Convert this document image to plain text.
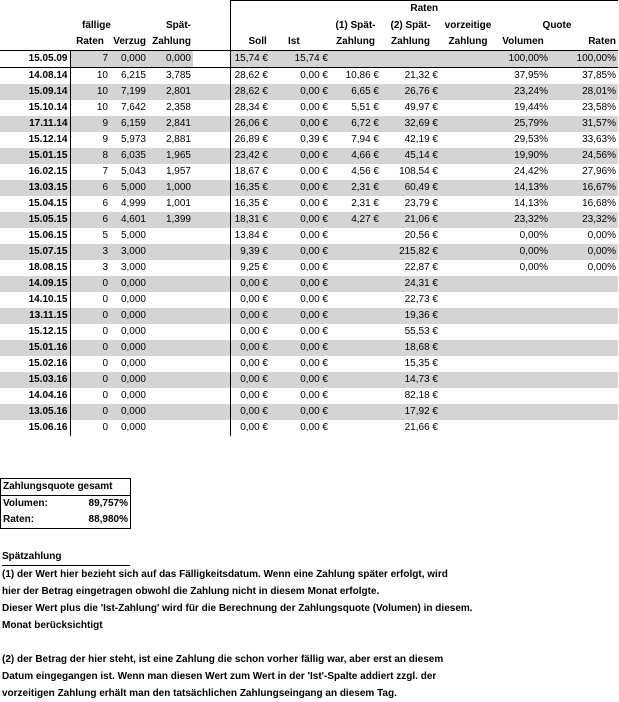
					Raten						
	fällige		Spät-				(1) Spät-	(2) Spät-	vorzeitige	Quote	
	Raten	Verzug	Zahlung		Soll	Ist	Zahlung	Zahlung	Zahlung	Volumen	Raten
15.05.09	7	0,000	0,000		15,74 €	15,74 €				100,00%	100,00%
14.08.14	10	6,215	3,785		28,62 €	0,00 €	10,86 €	21,32 €		37,95%	37,85%
15.09.14	10	7,199	2,801		28,62 €	0,00 €	6,65 €	26,76 €		23,24%	28,01%
15.10.14	10	7,642	2,358		28,34 €	0,00 €	5,51 €	49,97 €		19,44%	23,58%
17.11.14	9	6,159	2,841		26,06 €	0,00 €	6,72 €	32,69 €		25,79%	31,57%
15.12.14	9	5,973	2,881		26,89 €	0,39 €	7,94 €	42,19 €		29,53%	33,63%
15.01.15	8	6,035	1,965		23,42 €	0,00 €	4,66 €	45,14 €		19,90%	24,56%
16.02.15	7	5,043	1,957		18,67 €	0,00 €	4,56 €	108,54 €		24,42%	27,96%
13.03.15	6	5,000	1,000		16,35 €	0,00 €	2,31 €	60,49 €		14,13%	16,67%
15.04.15	6	4,999	1,001		16,35 €	0,00 €	2,31 €	23,79 €		14,13%	16,68%
15.05.15	6	4,601	1,399		18,31 €	0,00 €	4,27 €	21,06 €		23,32%	23,32%
15.06.15	5	5,000			13,84 €	0,00 €		20,56 €		0,00%	0,00%
15.07.15	3	3,000			9,39 €	0,00 €		215,82 €		0,00%	0,00%
18.08.15	3	3,000			9,25 €	0,00 €		22,87 €		0,00%	0,00%
14.09.15	0	0,000			0,00 €	0,00 €		24,31 €			
14.10.15	0	0,000			0,00 €	0,00 €		22,73 €			
13.11.15	0	0,000			0,00 €	0,00 €		19,36 €			
15.12.15	0	0,000			0,00 €	0,00 €		55,53 €			
15.01.16	0	0,000			0,00 €	0,00 €		18,68 €			
15.02.16	0	0,000			0,00 €	0,00 €		15,35 €			
15.03.16	0	0,000			0,00 €	0,00 €		14,73 €			
14.04.16	0	0,000			0,00 €	0,00 €		82,18 €			
13.05.16	0	0,000			0,00 €	0,00 €		17,92 €			
15.06.16	0	0,000			0,00 €	0,00 €		21,66 €			
Zahlungsquote gesamt	
Volumen:	89,757%
Raten:	88,980%

Spätzahlung

(1) der Wert hier bezieht sich auf das Fälligkeitsdatum. Wenn eine Zahlung später erfolgt, wird

hier der Betrag eingetragen obwohl die Zahlung nicht in diesem Monat erfolgte.

Dieser Wert plus die 'Ist-Zahlung' wird für die Berechnung der Zahlungsquote (Volumen) in diesem.

Monat berücksichtigt

(2) der Betrag der hier steht, ist eine Zahlung die schon vorher fällig war, aber erst an diesem

Datum eingegangen ist. Wenn man diesen Wert zum Wert in der 'Ist'-Spalte addiert zzgl. der

vorzeitigen Zahlung erhält man den tatsächlichen Zahlungseingang an diesem Tag.
